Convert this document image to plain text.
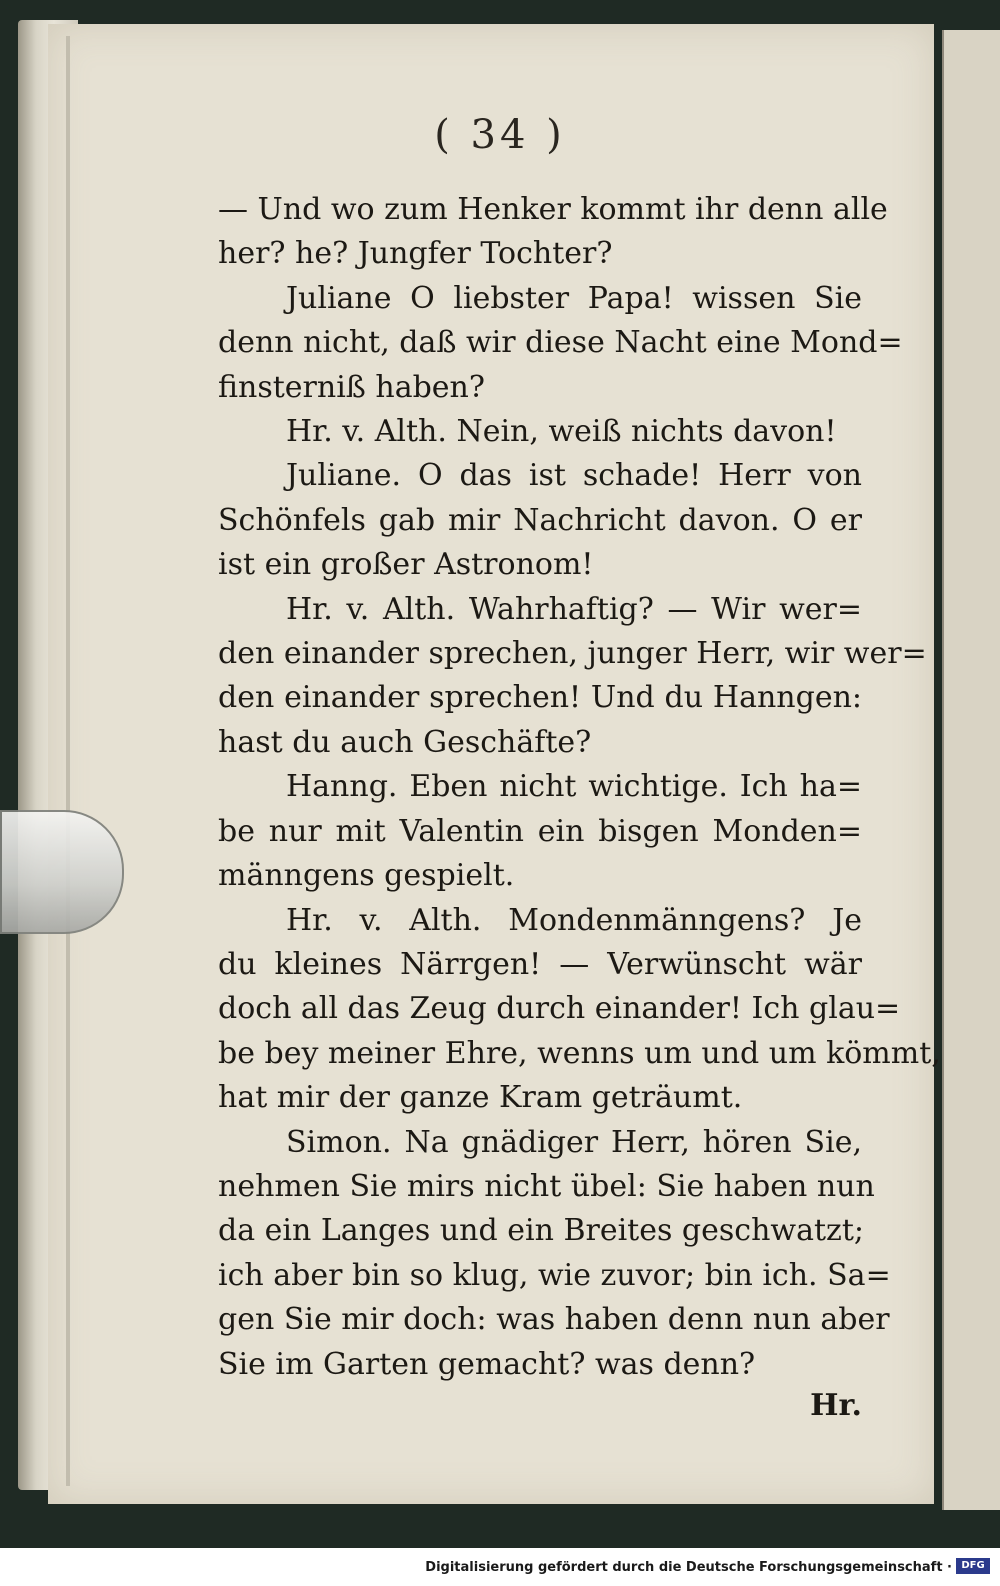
( 34 )
— Und wo zum Henker kommt ihr denn alle
her? he? Jungfer Tochter?
Juliane O liebster Papa! wissen Sie
denn nicht, daß wir diese Nacht eine Mond=
finsterniß haben?
Hr. v. Alth. Nein, weiß nichts davon!
Juliane. O das ist schade! Herr von
Schönfels gab mir Nachricht davon. O er
ist ein großer Astronom!
Hr. v. Alth. Wahrhaftig? — Wir wer=
den einander sprechen, junger Herr, wir wer=
den einander sprechen! Und du Hanngen:
hast du auch Geschäfte?
Hanng. Eben nicht wichtige. Ich ha=
be nur mit Valentin ein bisgen Monden=
männgens gespielt.
Hr. v. Alth. Mondenmänngens? Je
du kleines Närrgen! — Verwünscht wär
doch all das Zeug durch einander! Ich glau=
be bey meiner Ehre, wenns um und um kömmt,
hat mir der ganze Kram geträumt.
Simon. Na gnädiger Herr, hören Sie,
nehmen Sie mirs nicht übel: Sie haben nun
da ein Langes und ein Breites geschwatzt;
ich aber bin so klug, wie zuvor; bin ich. Sa=
gen Sie mir doch: was haben denn nun aber
Sie im Garten gemacht? was denn?
Hr.
Digitalisierung gefördert durch die Deutsche Forschungsgemeinschaft · DFG
